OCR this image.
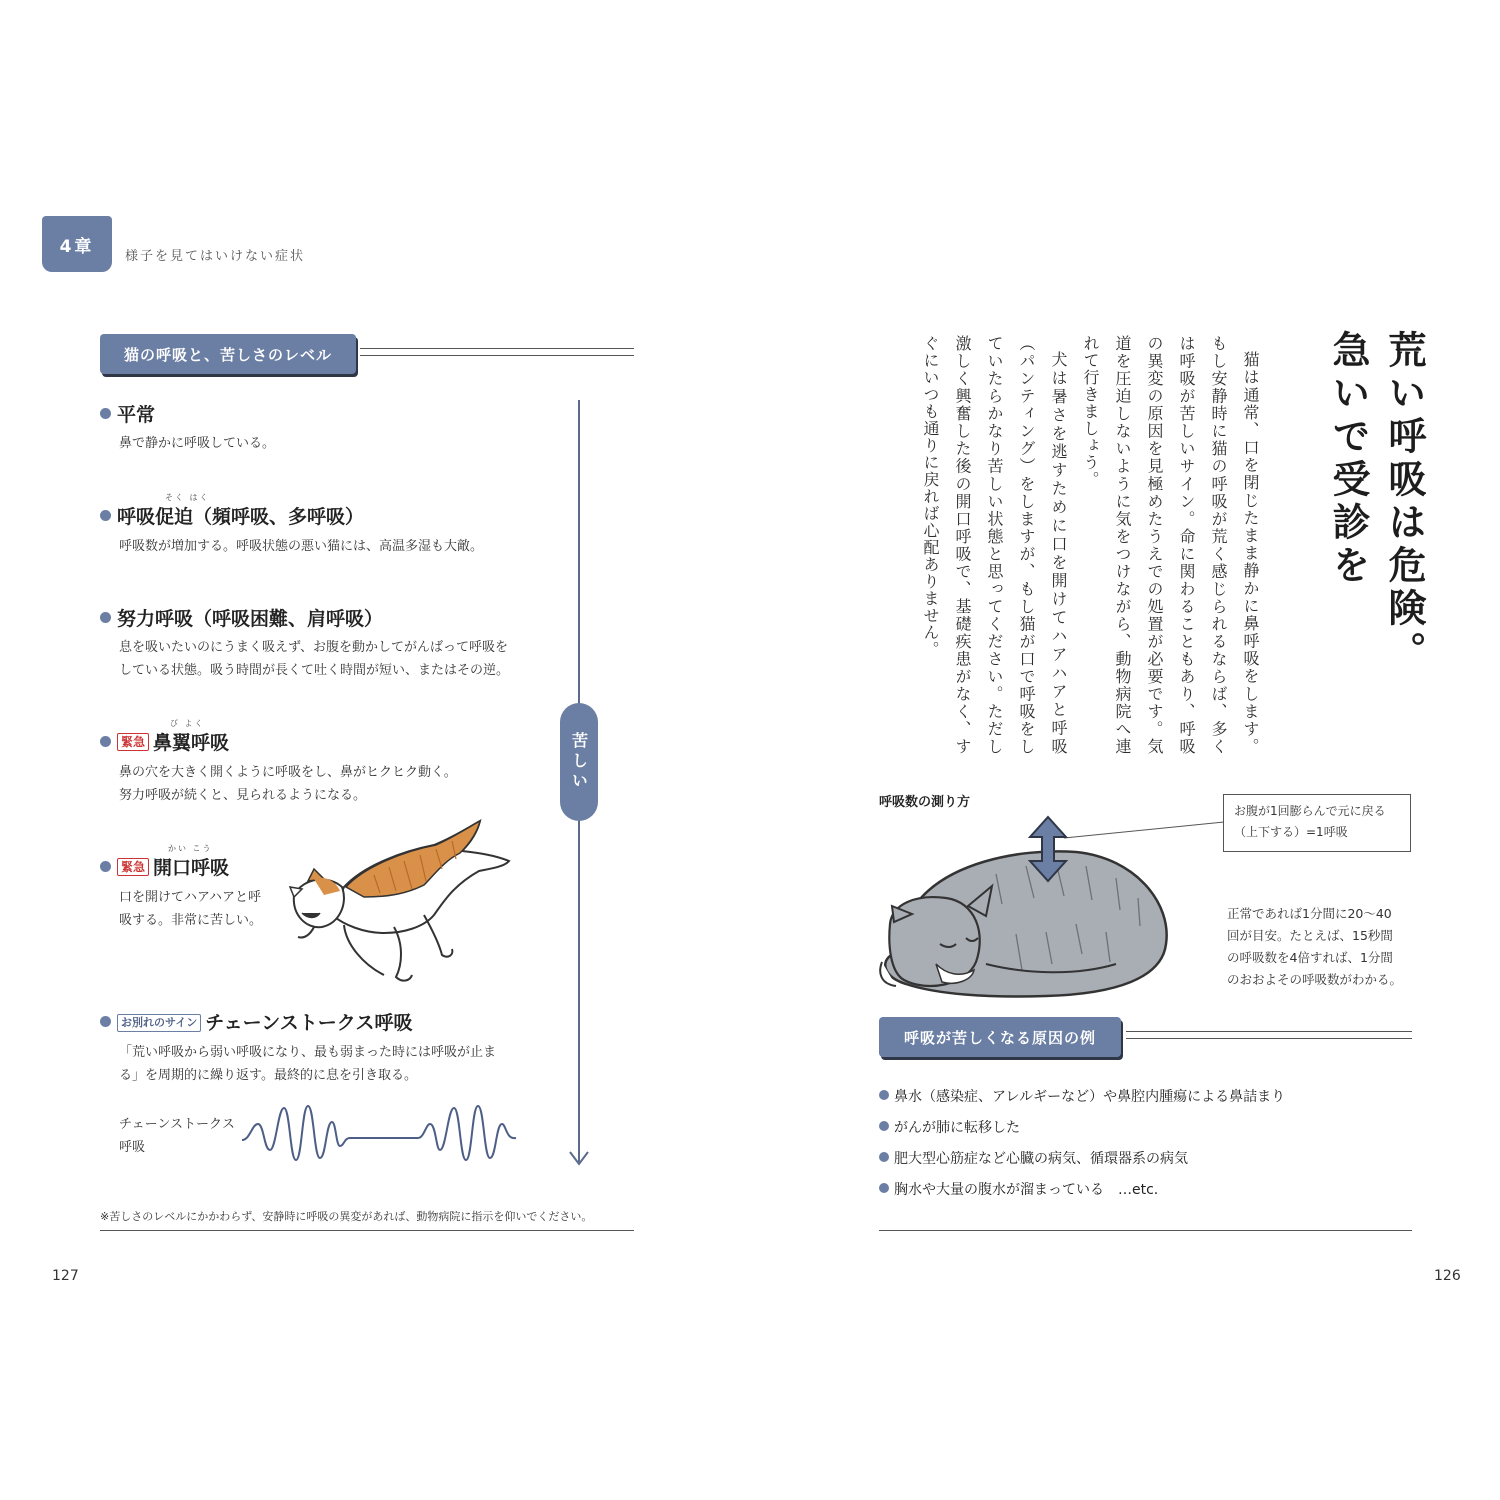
4章	様子を見てはいけない症状
猫の呼吸と、苦しさのレベル
苦しい
平常
鼻で静かに呼吸している。
そく はく
呼吸促迫（頻呼吸、多呼吸）
呼吸数が増加する。呼吸状態の悪い猫には、高温多湿も大敵。
努力呼吸（呼吸困難、肩呼吸）
息を吸いたいのにうまく吸えず、お腹を動かしてがんばって呼吸を
している状態。吸う時間が長くて吐く時間が短い、またはその逆。
び よく
緊急 鼻翼呼吸
鼻の穴を大きく開くように呼吸をし、鼻がヒクヒク動く。
努力呼吸が続くと、見られるようになる。
かい こう
緊急 開口呼吸
口を開けてハアハアと呼
吸する。非常に苦しい。
お別れのサイン チェーンストークス呼吸
「荒い呼吸から弱い呼吸になり、最も弱まった時には呼吸が止ま
る」を周期的に繰り返す。最終的に息を引き取る。
チェーンストークス
呼吸
※苦しさのレベルにかかわらず、安静時に呼吸の異変があれば、動物病院に指示を仰いでください。
127
荒い呼吸は危険。
急いで受診を

猫は通常、口を閉じたまま静かに鼻呼吸をします。もし安静時に猫の呼吸が荒く感じられるならば、多くは呼吸が苦しいサイン。命に関わることもあり、呼吸の異変の原因を見極めたうえでの処置が必要です。気道を圧迫しないように気をつけながら、動物病院へ連れて行きましょう。

犬は暑さを逃すために口を開けてハアハアと呼吸（パンティング）をしますが、もし猫が口で呼吸をしていたらかなり苦しい状態と思ってください。ただし激しく興奮した後の開口呼吸で、基礎疾患がなく、すぐにいつも通りに戻れば心配ありません。

呼吸数の測り方
お腹が1回膨らんで元に戻る
（上下する）=1呼吸
正常であれば1分間に20〜40
回が目安。たとえば、15秒間
の呼吸数を4倍すれば、1分間
のおおよその呼吸数がわかる。
呼吸が苦しくなる原因の例
鼻水（感染症、アレルギーなど）や鼻腔内腫瘍による鼻詰まり
がんが肺に転移した
肥大型心筋症など心臓の病気、循環器系の病気
胸水や大量の腹水が溜まっている　…etc.
126
